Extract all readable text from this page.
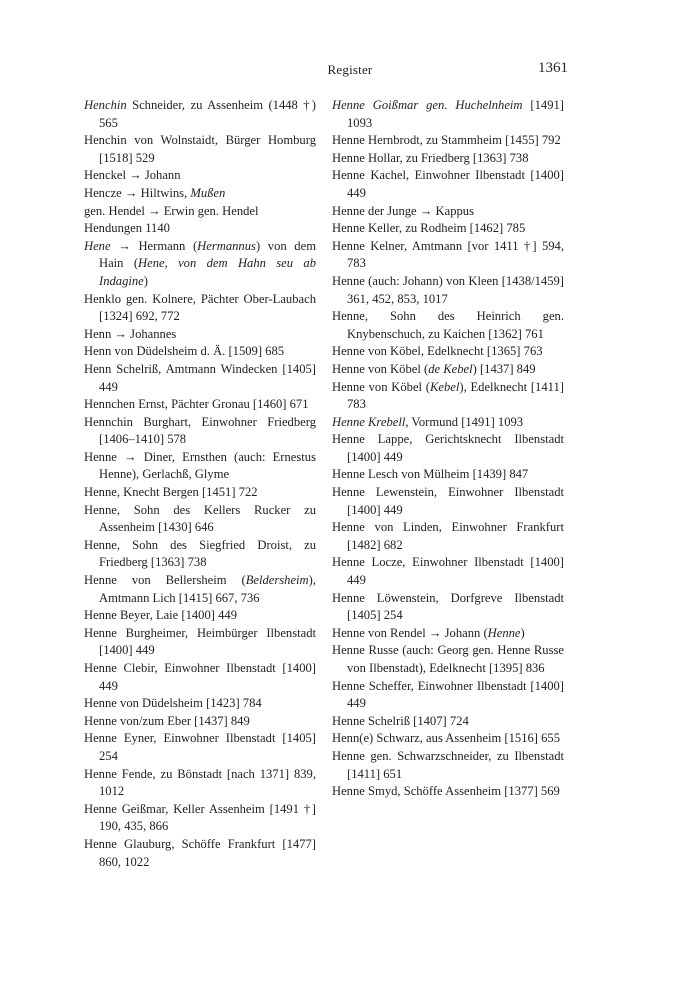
Register	1361
Henchin Schneider, zu Assenheim (1448 †) 565
Henchin von Wolnstaidt, Bürger Homburg [1518] 529
Henckel → Johann
Hencze → Hiltwins, Mußen
gen. Hendel → Erwin gen. Hendel
Hendungen 1140
Hene → Hermann (Hermannus) von dem Hain (Hene, von dem Hahn seu ab Indagine)
Henklo gen. Kolnere, Pächter Ober-Laubach [1324] 692, 772
Henn → Johannes
Henn von Düdelsheim d. Ä. [1509] 685
Henn Schelriß, Amtmann Windecken [1405] 449
Hennchen Ernst, Pächter Gronau [1460] 671
Hennchin Burghart, Einwohner Friedberg [1406–1410] 578
Henne → Diner, Ernsthen (auch: Ernestus Henne), Gerlachß, Glyme
Henne, Knecht Bergen [1451] 722
Henne, Sohn des Kellers Rucker zu Assenheim [1430] 646
Henne, Sohn des Siegfried Droist, zu Friedberg [1363] 738
Henne von Bellersheim (Beldersheim), Amtmann Lich [1415] 667, 736
Henne Beyer, Laie [1400] 449
Henne Burgheimer, Heimbürger Ilbenstadt [1400] 449
Henne Clebir, Einwohner Ilbenstadt [1400] 449
Henne von Düdelsheim [1423] 784
Henne von/zum Eber [1437] 849
Henne Eyner, Einwohner Ilbenstadt [1405] 254
Henne Fende, zu Bönstadt [nach 1371] 839, 1012
Henne Geißmar, Keller Assenheim [1491 †] 190, 435, 866
Henne Glauburg, Schöffe Frankfurt [1477] 860, 1022
Henne Goißmar gen. Huchelnheim [1491] 1093
Henne Hernbrodt, zu Stammheim [1455] 792
Henne Hollar, zu Friedberg [1363] 738
Henne Kachel, Einwohner Ilbenstadt [1400] 449
Henne der Junge → Kappus
Henne Keller, zu Rodheim [1462] 785
Henne Kelner, Amtmann [vor 1411 †] 594, 783
Henne (auch: Johann) von Kleen [1438/1459] 361, 452, 853, 1017
Henne, Sohn des Heinrich gen. Knybenschuch, zu Kaichen [1362] 761
Henne von Köbel, Edelknecht [1365] 763
Henne von Köbel (de Kebel) [1437] 849
Henne von Köbel (Kebel), Edelknecht [1411] 783
Henne Krebell, Vormund [1491] 1093
Henne Lappe, Gerichtsknecht Ilbenstadt [1400] 449
Henne Lesch von Mülheim [1439] 847
Henne Lewenstein, Einwohner Ilbenstadt [1400] 449
Henne von Linden, Einwohner Frankfurt [1482] 682
Henne Locze, Einwohner Ilbenstadt [1400] 449
Henne Löwenstein, Dorfgreve Ilbenstadt [1405] 254
Henne von Rendel → Johann (Henne)
Henne Russe (auch: Georg gen. Henne Russe von Ilbenstadt), Edelknecht [1395] 836
Henne Scheffer, Einwohner Ilbenstadt [1400] 449
Henne Schelriß [1407] 724
Henn(e) Schwarz, aus Assenheim [1516] 655
Henne gen. Schwarzschneider, zu Ilbenstadt [1411] 651
Henne Smyd, Schöffe Assenheim [1377] 569
